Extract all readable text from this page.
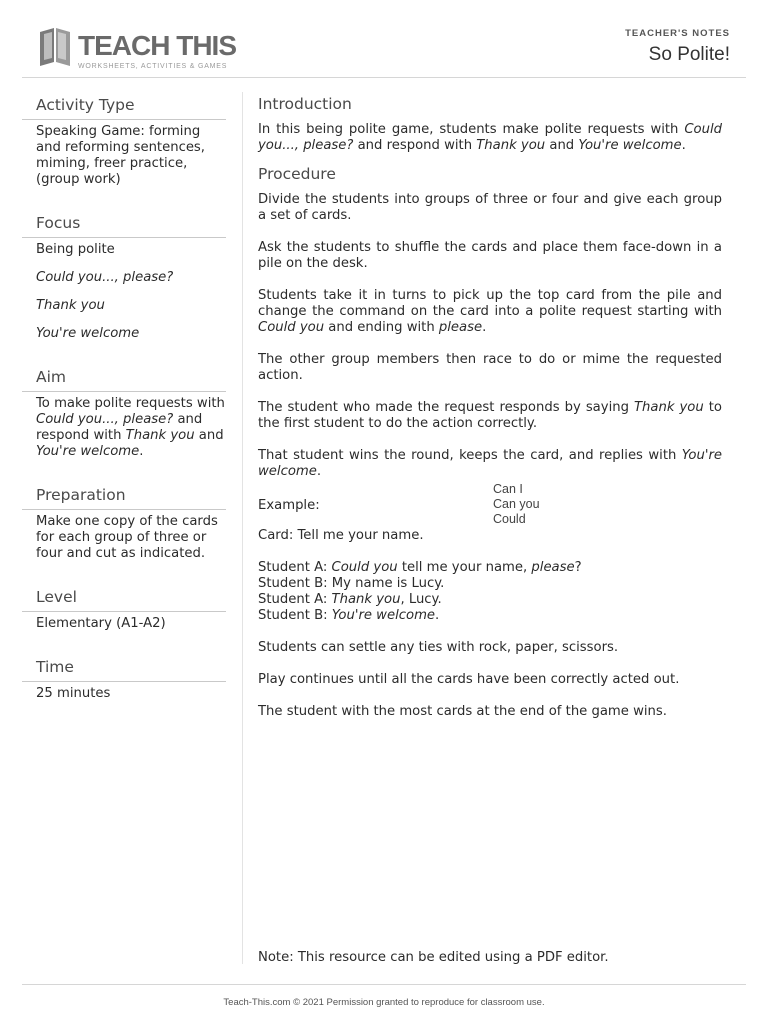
TEACH THIS
WORKSHEETS, ACTIVITIES & GAMES
TEACHER'S NOTES
So Polite!
Activity Type

Speaking Game: forming and reforming sentences, miming, freer practice, (group work)

Focus

Being polite

Could you..., please?

Thank you

You're welcome

Aim

To make polite requests with Could you..., please? and respond with Thank you and You're welcome.

Preparation

Make one copy of the cards for each group of three or four and cut as indicated.

Level

Elementary (A1-A2)

Time

25 minutes

Introduction

In this being polite game, students make polite requests with Could you..., please? and respond with Thank you and You're welcome.

Procedure

Divide the students into groups of three or four and give each group a set of cards.

Ask the students to shuffle the cards and place them face-down in a pile on the desk.

Students take it in turns to pick up the top card from the pile and change the command on the card into a polite request starting with Could you and ending with please.

The other group members then race to do or mime the requested action.

The student who made the request responds by saying Thank you to the first student to do the action correctly.

That student wins the round, keeps the card, and replies with You're welcome.

Example:
Can I
Can you
Could

Card: Tell me your name.

Student A: Could you tell me your name, please?
Student B: My name is Lucy.
Student A: Thank you, Lucy.
Student B: You're welcome.

Students can settle any ties with rock, paper, scissors.

Play continues until all the cards have been correctly acted out.

The student with the most cards at the end of the game wins.

Note: This resource can be edited using a PDF editor.
Teach-This.com © 2021 Permission granted to reproduce for classroom use.
